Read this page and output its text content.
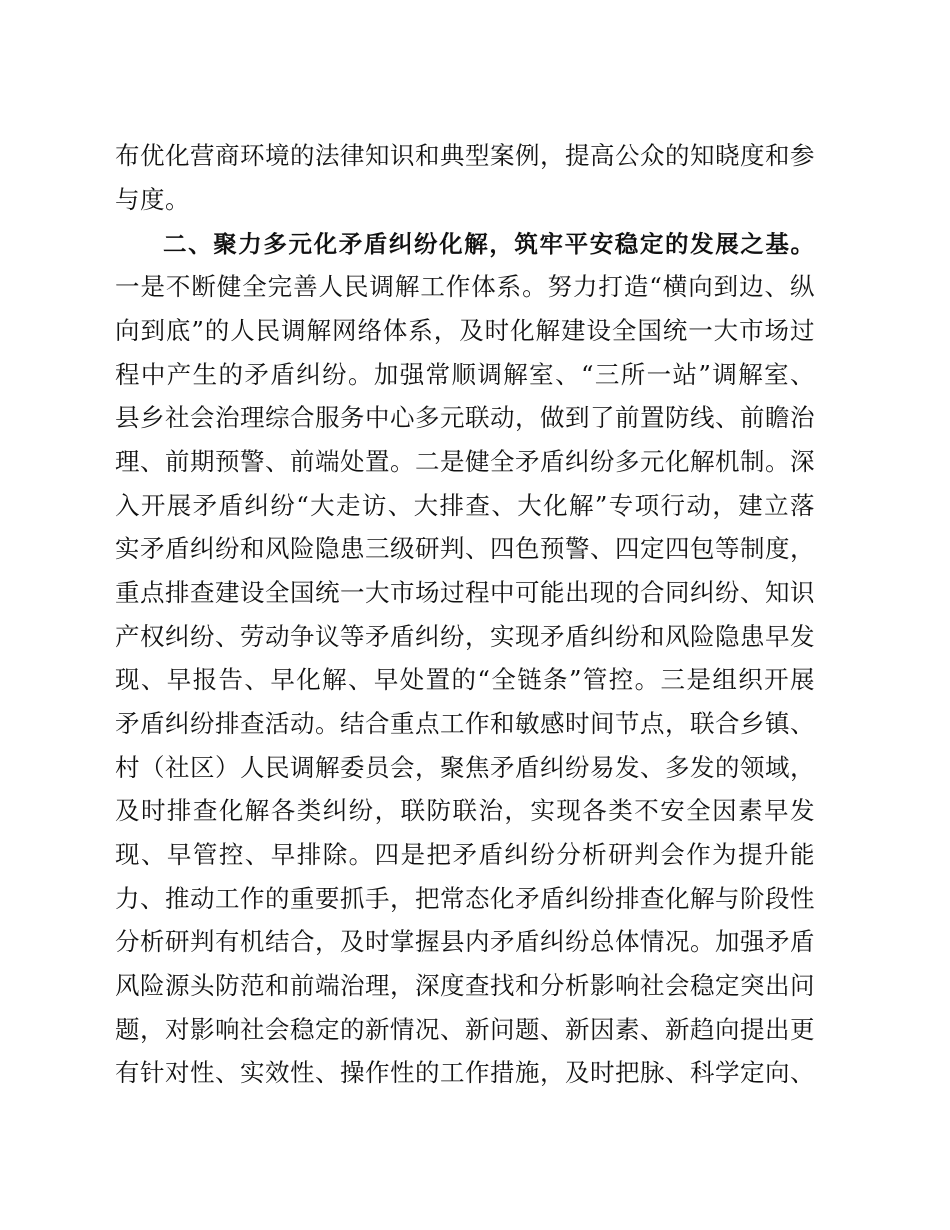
布优化营商环境的法律知识和典型案例，提高公众的知晓度和参
与度。
二、聚力多元化矛盾纠纷化解，筑牢平安稳定的发展之基。
一是不断健全完善人民调解工作体系。努力打造“横向到边、纵
向到底”的人民调解网络体系，及时化解建设全国统一大市场过
程中产生的矛盾纠纷。加强常顺调解室、“三所一站”调解室、
县乡社会治理综合服务中心多元联动，做到了前置防线、前瞻治
理、前期预警、前端处置。二是健全矛盾纠纷多元化解机制。深
入开展矛盾纠纷“大走访、大排查、大化解”专项行动，建立落
实矛盾纠纷和风险隐患三级研判、四色预警、四定四包等制度，
重点排查建设全国统一大市场过程中可能出现的合同纠纷、知识
产权纠纷、劳动争议等矛盾纠纷，实现矛盾纠纷和风险隐患早发
现、早报告、早化解、早处置的“全链条”管控。三是组织开展
矛盾纠纷排查活动。结合重点工作和敏感时间节点，联合乡镇、
村（社区）人民调解委员会，聚焦矛盾纠纷易发、多发的领域，
及时排查化解各类纠纷，联防联治，实现各类不安全因素早发
现、早管控、早排除。四是把矛盾纠纷分析研判会作为提升能
力、推动工作的重要抓手，把常态化矛盾纠纷排查化解与阶段性
分析研判有机结合，及时掌握县内矛盾纠纷总体情况。加强矛盾
风险源头防范和前端治理，深度查找和分析影响社会稳定突出问
题，对影响社会稳定的新情况、新问题、新因素、新趋向提出更
有针对性、实效性、操作性的工作措施，及时把脉、科学定向、
